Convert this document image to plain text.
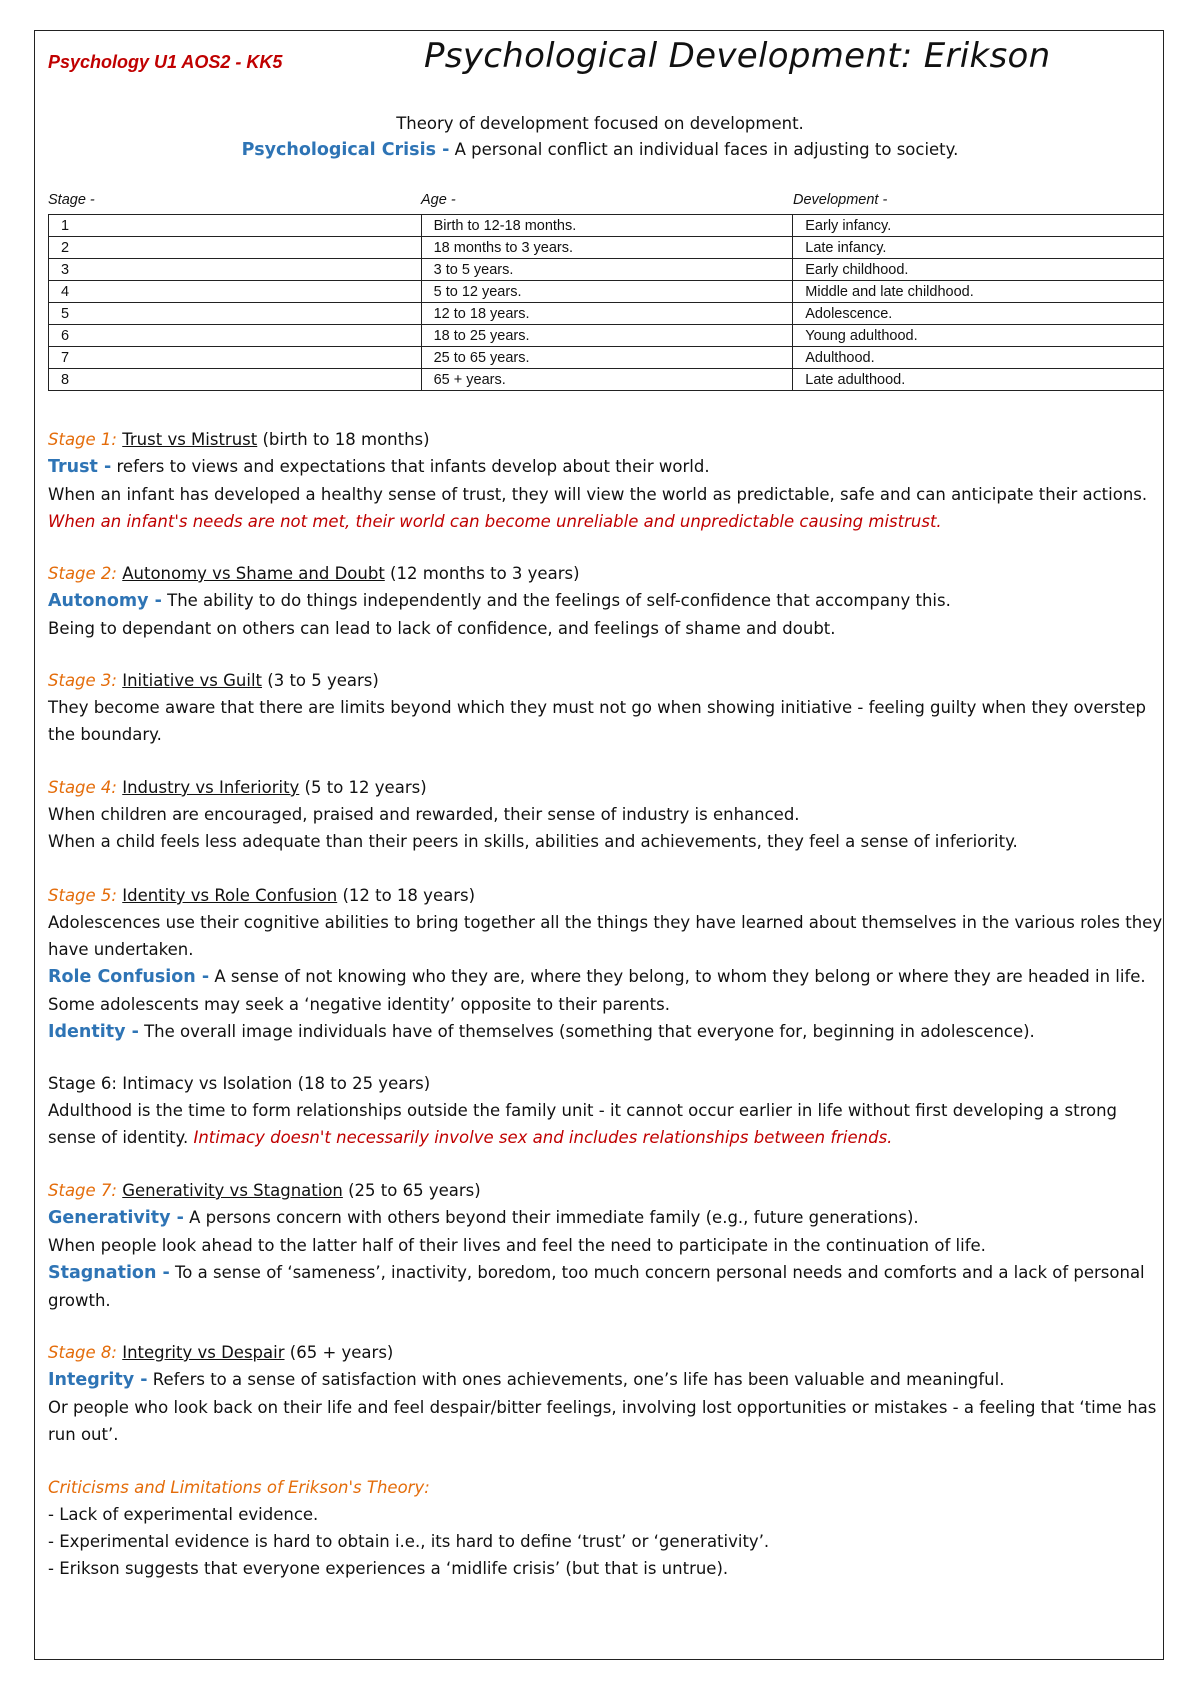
Psychology U1 AOS2 - KK5	Psychological Development: Erikson
Theory of development focused on development.
Psychological Crisis - A personal conflict an individual faces in adjusting to society.
Stage -	Age -	Development -
1	Birth to 12-18 months.	Early infancy.
2	18 months to 3 years.	Late infancy.
3	3 to 5 years.	Early childhood.
4	5 to 12 years.	Middle and late childhood.
5	12 to 18 years.	Adolescence.
6	18 to 25 years.	Young adulthood.
7	25 to 65 years.	Adulthood.
8	65 + years.	Late adulthood.

Stage 1: Trust vs Mistrust (birth to 18 months)

Trust - refers to views and expectations that infants develop about their world.

When an infant has developed a healthy sense of trust, they will view the world as predictable, safe and can anticipate their actions. When an infant's needs are not met, their world can become unreliable and unpredictable causing mistrust.

Stage 2: Autonomy vs Shame and Doubt (12 months to 3 years)

Autonomy - The ability to do things independently and the feelings of self-confidence that accompany this.

Being to dependant on others can lead to lack of confidence, and feelings of shame and doubt.

Stage 3: Initiative vs Guilt (3 to 5 years)

They become aware that there are limits beyond which they must not go when showing initiative - feeling guilty when they overstep the boundary.

Stage 4: Industry vs Inferiority (5 to 12 years)

When children are encouraged, praised and rewarded, their sense of industry is enhanced.

When a child feels less adequate than their peers in skills, abilities and achievements, they feel a sense of inferiority.

Stage 5: Identity vs Role Confusion (12 to 18 years)

Adolescences use their cognitive abilities to bring together all the things they have learned about themselves in the various roles they have undertaken.

Role Confusion - A sense of not knowing who they are, where they belong, to whom they belong or where they are headed in life. Some adolescents may seek a ‘negative identity’ opposite to their parents.

Identity - The overall image individuals have of themselves (something that everyone for, beginning in adolescence).

Stage 6: Intimacy vs Isolation (18 to 25 years)

Adulthood is the time to form relationships outside the family unit - it cannot occur earlier in life without first developing a strong sense of identity. Intimacy doesn't necessarily involve sex and includes relationships between friends.

Stage 7: Generativity vs Stagnation (25 to 65 years)

Generativity - A persons concern with others beyond their immediate family (e.g., future generations).

When people look ahead to the latter half of their lives and feel the need to participate in the continuation of life.

Stagnation - To a sense of ‘sameness’, inactivity, boredom, too much concern personal needs and comforts and a lack of personal growth.

Stage 8: Integrity vs Despair (65 + years)

Integrity - Refers to a sense of satisfaction with ones achievements, one’s life has been valuable and meaningful.

Or people who look back on their life and feel despair/bitter feelings, involving lost opportunities or mistakes - a feeling that ‘time has run out’.

Criticisms and Limitations of Erikson's Theory:

- Lack of experimental evidence.

- Experimental evidence is hard to obtain i.e., its hard to define ‘trust’ or ‘generativity’.

- Erikson suggests that everyone experiences a ‘midlife crisis’ (but that is untrue).
